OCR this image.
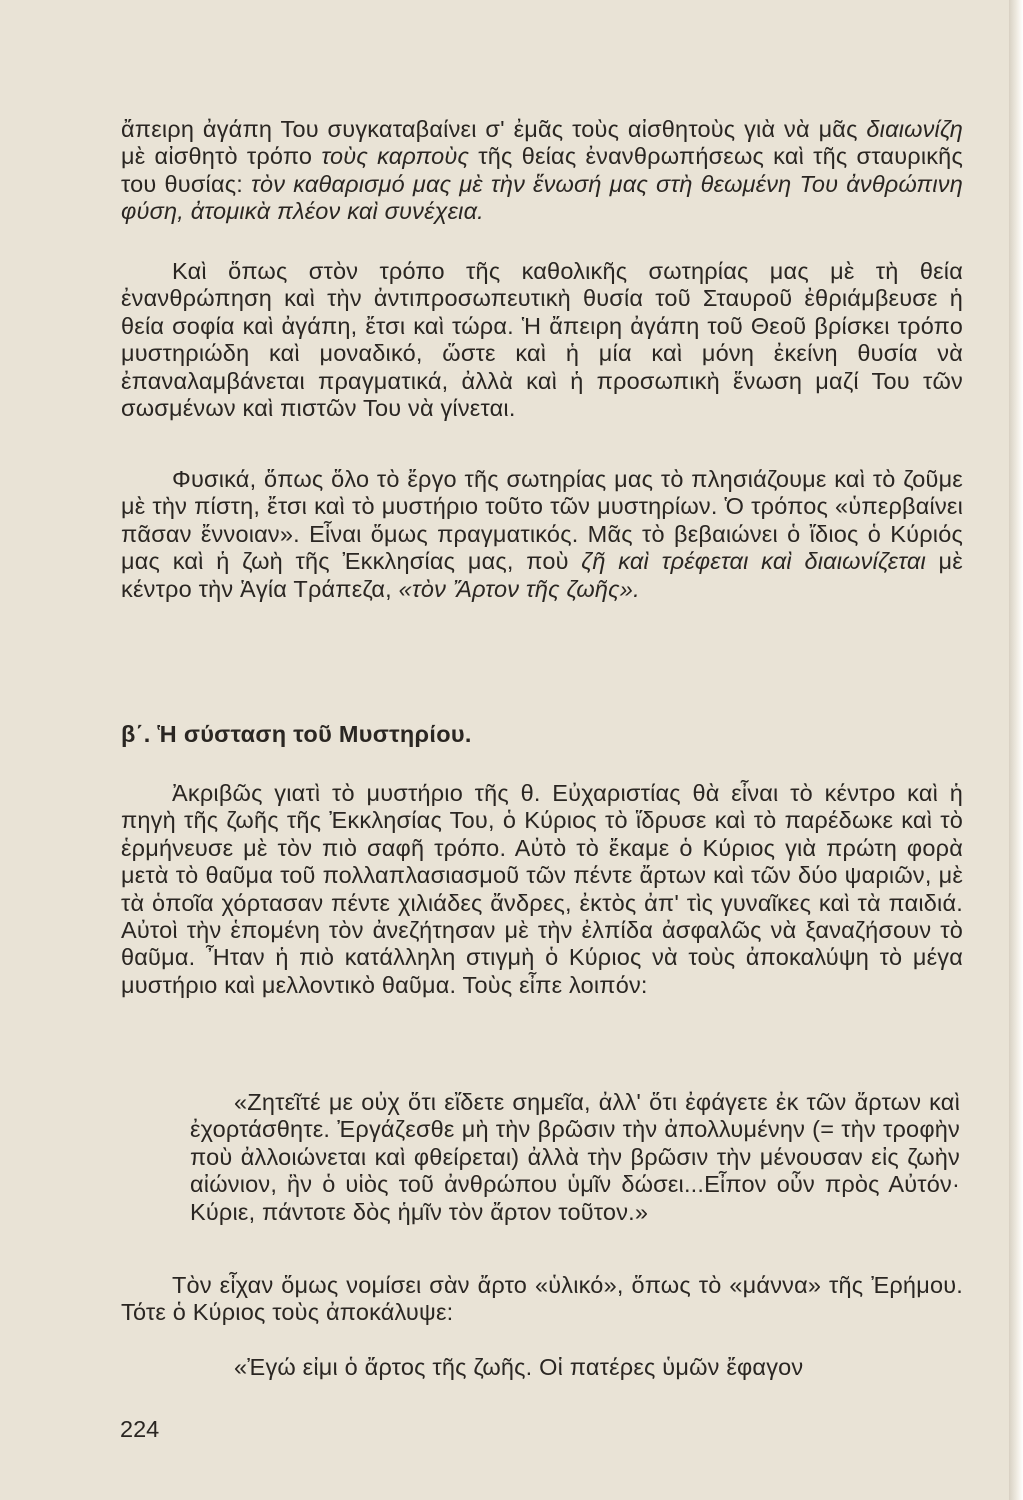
ἄπειρη ἀγάπη Του συγκαταβαίνει σ' ἐμᾶς τοὺς αἰσθητοὺς γιὰ νὰ μᾶς διαιωνίζη μὲ αἰσθητὸ τρόπο τοὺς καρποὺς τῆς θείας ἐνανθρωπήσεως καὶ τῆς σταυρικῆς του θυσίας: τὸν καθαρισμό μας μὲ τὴν ἕνωσή μας στὴ θεωμένη Του ἀνθρώπινη φύση, ἀτομικὰ πλέον καὶ συνέχεια.

Καὶ ὅπως στὸν τρόπο τῆς καθολικῆς σωτηρίας μας μὲ τὴ θεία ἐνανθρώπηση καὶ τὴν ἀντιπροσωπευτικὴ θυσία τοῦ Σταυροῦ ἐθριάμβευσε ἡ θεία σοφία καὶ ἀγάπη, ἔτσι καὶ τώρα. Ἡ ἄπειρη ἀγάπη τοῦ Θεοῦ βρίσκει τρόπο μυστηριώδη καὶ μοναδικό, ὥστε καὶ ἡ μία καὶ μόνη ἐκείνη θυσία νὰ ἐπαναλαμβάνεται πραγματικά, ἀλλὰ καὶ ἡ προσωπικὴ ἕνωση μαζί Του τῶν σωσμένων καὶ πιστῶν Του νὰ γίνεται.

Φυσικά, ὅπως ὅλο τὸ ἔργο τῆς σωτηρίας μας τὸ πλησιάζουμε καὶ τὸ ζοῦμε μὲ τὴν πίστη, ἔτσι καὶ τὸ μυστήριο τοῦτο τῶν μυστηρίων. Ὁ τρόπος «ὑπερβαίνει πᾶσαν ἔννοιαν». Εἶναι ὅμως πραγματικός. Μᾶς τὸ βεβαιώνει ὁ ἴδιος ὁ Κύριός μας καὶ ἡ ζωὴ τῆς Ἐκκλησίας μας, ποὺ ζῆ καὶ τρέφεται καὶ διαιωνίζεται μὲ κέντρο τὴν Ἁγία Τράπεζα, «τὸν Ἄρτον τῆς ζωῆς».

β΄. Ἡ σύσταση τοῦ Μυστηρίου.

Ἀκριβῶς γιατὶ τὸ μυστήριο τῆς θ. Εὐχαριστίας θὰ εἶναι τὸ κέντρο καὶ ἡ πηγὴ τῆς ζωῆς τῆς Ἐκκλησίας Του, ὁ Κύριος τὸ ἵδρυσε καὶ τὸ παρέδωκε καὶ τὸ ἑρμήνευσε μὲ τὸν πιὸ σαφῆ τρόπο. Αὐτὸ τὸ ἔκαμε ὁ Κύριος γιὰ πρώτη φορὰ μετὰ τὸ θαῦμα τοῦ πολλαπλασιασμοῦ τῶν πέντε ἄρτων καὶ τῶν δύο ψαριῶν, μὲ τὰ ὁποῖα χόρτασαν πέντε χιλιάδες ἄνδρες, ἐκτὸς ἀπ' τὶς γυναῖκες καὶ τὰ παιδιά. Αὐτοὶ τὴν ἑπομένη τὸν ἀνεζήτησαν μὲ τὴν ἐλπίδα ἀσφαλῶς νὰ ξαναζήσουν τὸ θαῦμα. Ἦταν ἡ πιὸ κατάλληλη στιγμὴ ὁ Κύριος νὰ τοὺς ἀποκαλύψη τὸ μέγα μυστήριο καὶ μελλοντικὸ θαῦμα. Τοὺς εἶπε λοιπόν:

«Ζητεῖτέ με οὐχ ὅτι εἴδετε σημεῖα, ἀλλ' ὅτι ἐφάγετε ἐκ τῶν ἄρτων καὶ ἐχορτάσθητε. Ἐργάζεσθε μὴ τὴν βρῶσιν τὴν ἀπολλυμένην (= τὴν τροφὴν ποὺ ἀλλοιώνεται καὶ φθείρεται) ἀλλὰ τὴν βρῶσιν τὴν μένουσαν εἰς ζωὴν αἰώνιον, ἣν ὁ υἱὸς τοῦ ἀνθρώπου ὑμῖν δώσει...Εἶπον οὖν πρὸς Αὐτόν· Κύριε, πάντοτε δὸς ἡμῖν τὸν ἄρτον τοῦτον.»

Τὸν εἶχαν ὅμως νομίσει σὰν ἄρτο «ὑλικό», ὅπως τὸ «μάννα» τῆς Ἐρήμου. Τότε ὁ Κύριος τοὺς ἀποκάλυψε:

«Ἐγώ εἰμι ὁ ἄρτος τῆς ζωῆς. Οἱ πατέρες ὑμῶν ἔφαγον

224
